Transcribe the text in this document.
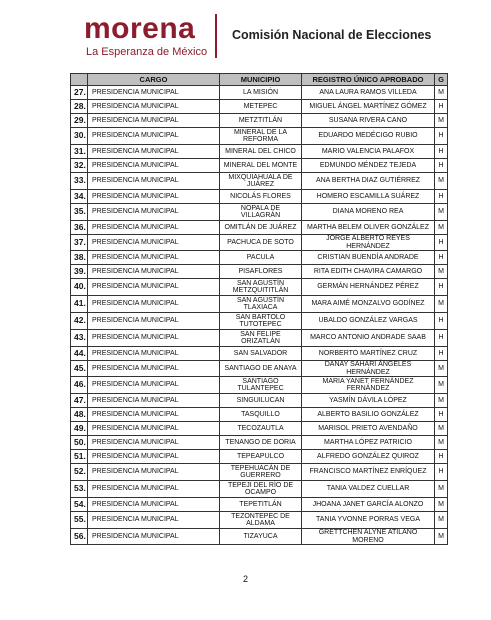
morena
La Esperanza de México
Comisión Nacional de Elecciones
	CARGO	MUNICIPIO	REGISTRO ÚNICO APROBADO	G
27.	PRESIDENCIA MUNICIPAL	LA MISIÓN	ANA LAURA RAMOS VILLEDA	M
28.	PRESIDENCIA MUNICIPAL	METEPEC	MIGUEL ÁNGEL MARTÍNEZ GÓMEZ	H
29.	PRESIDENCIA MUNICIPAL	METZTITLÁN	SUSANA RIVERA CANO	M
30.	PRESIDENCIA MUNICIPAL	MINERAL DE LA REFORMA	EDUARDO MEDÉCIGO RUBIO	H
31.	PRESIDENCIA MUNICIPAL	MINERAL DEL CHICO	MARIO VALENCIA PALAFOX	H
32.	PRESIDENCIA MUNICIPAL	MINERAL DEL MONTE	EDMUNDO MÉNDEZ TEJEDA	H
33.	PRESIDENCIA MUNICIPAL	MIXQUIAHUALA DE JUÁREZ	ANA BERTHA DIAZ GUTIÉRREZ	M
34.	PRESIDENCIA MUNICIPAL	NICOLÁS FLORES	HOMERO ESCAMILLA SUÁREZ	H
35.	PRESIDENCIA MUNICIPAL	NOPALA DE VILLAGRÁN	DIANA MORENO REA	M
36.	PRESIDENCIA MUNICIPAL	OMITLÁN DE JUÁREZ	MARTHA BELEM OLIVER GONZÁLEZ	M
37.	PRESIDENCIA MUNICIPAL	PACHUCA DE SOTO	JORGE ALBERTO REYES HERNÁNDEZ	H
38.	PRESIDENCIA MUNICIPAL	PACULA	CRISTIAN BUENDÍA ANDRADE	H
39.	PRESIDENCIA MUNICIPAL	PISAFLORES	RITA EDITH CHAVIRA CAMARGO	M
40.	PRESIDENCIA MUNICIPAL	SAN AGUSTÍN METZQUITITLÁN	GERMÁN HERNÁNDEZ PÉREZ	H
41.	PRESIDENCIA MUNICIPAL	SAN AGUSTÍN TLAXIACA	MARA AIMÉ MONZALVO GODÍNEZ	M
42.	PRESIDENCIA MUNICIPAL	SAN BARTOLO TUTOTEPEC	UBALDO GONZÁLEZ VARGAS	H
43.	PRESIDENCIA MUNICIPAL	SAN FELIPE ORIZATLÁN	MARCO ANTONIO ANDRADE SAAB	H
44.	PRESIDENCIA MUNICIPAL	SAN SALVADOR	NORBERTO MARTÍNEZ CRUZ	H
45.	PRESIDENCIA MUNICIPAL	SANTIAGO DE ANAYA	DANAY SAHARI ÁNGELES HERNÁNDEZ	M
46.	PRESIDENCIA MUNICIPAL	SANTIAGO TULANTEPEC	MARIA YANET FERNÁNDEZ FERNÁNDEZ	M
47.	PRESIDENCIA MUNICIPAL	SINGUILUCAN	YASMÍN DÁVILA LÓPEZ	M
48.	PRESIDENCIA MUNICIPAL	TASQUILLO	ALBERTO BASILIO GONZÁLEZ	H
49.	PRESIDENCIA MUNICIPAL	TECOZAUTLA	MARISOL PRIETO AVENDAÑO	M
50.	PRESIDENCIA MUNICIPAL	TENANGO DE DORIA	MARTHA LÓPEZ PATRICIO	M
51.	PRESIDENCIA MUNICIPAL	TEPEAPULCO	ALFREDO GONZÁLEZ QUIROZ	H
52.	PRESIDENCIA MUNICIPAL	TEPEHUACÁN DE GUERRERO	FRANCISCO MARTÍNEZ ENRÍQUEZ	H
53.	PRESIDENCIA MUNICIPAL	TEPEJI DEL RÍO DE OCAMPO	TANIA VALDEZ CUELLAR	M
54.	PRESIDENCIA MUNICIPAL	TEPETITLÁN	JHOANA JANET GARCÍA ALONZO	M
55.	PRESIDENCIA MUNICIPAL	TEZONTEPEC DE ALDAMA	TANIA YVONNE PORRAS VEGA	M
56.	PRESIDENCIA MUNICIPAL	TIZAYUCA	GRETTCHEN ALYNE ATILANO MORENO	M
2
